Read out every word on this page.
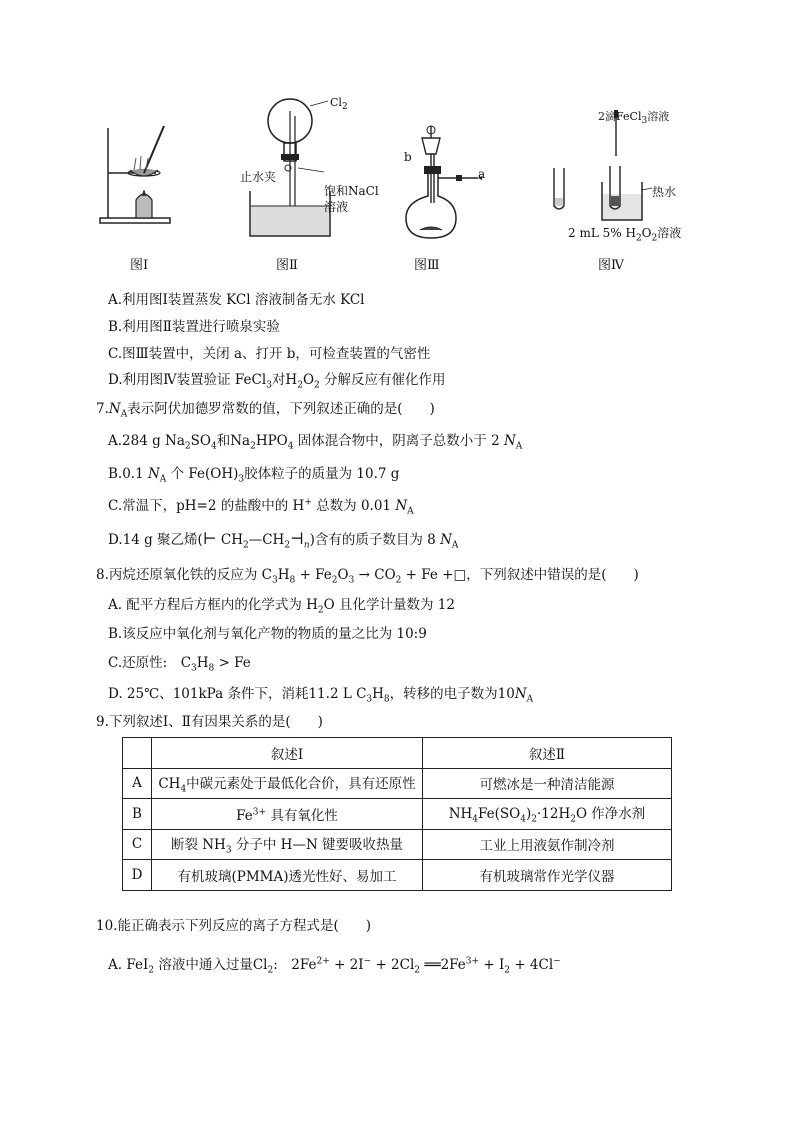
图Ⅰ
$Cl_2$
止水夹
饱和NaCl
溶液
图Ⅱ
b
a
图Ⅲ
2滴FeCl$_3$溶液
热水
2 mL 5% $H_2O_2$溶液
图Ⅳ
A.利用图Ⅰ装置蒸发 KCl 溶液制备无水 KCl
B.利用图Ⅱ装置进行喷泉实验
C.图Ⅲ装置中，关闭 a、打开 b，可检查装置的气密性
D.利用图Ⅳ装置验证 FeCl$_3$对$H_2O_2$ 分解反应有催化作用
$7.N_A$表示阿伏加德罗常数的值，下列叙述正确的是(　　)
A.284 g $Na_2SO_4$和$Na_2HPO_4$ 固体混合物中，阴离子总数小于 2 $N_A$
B.0.1 $N_A$ 个 $Fe(OH)_3$胶体粒子的质量为 10.7 g
C.常温下，pH=2 的盐酸中的 H+ 总数为 0.01 $N_A$
D.14 g 聚乙烯(⊢ $CH_2—CH_2⊣_n$)含有的质子数目为 8 $N_A$
8.丙烷还原氧化铁的反应为 $C_3H_8 + Fe_2O_3 \to CO_2 + Fe$ +□，下列叙述中错误的是(　　)
A. 配平方程后方框内的化学式为 $H_2O$ 且化学计量数为 12
B.该反应中氧化剂与氧化产物的物质的量之比为 10:9
C.还原性:　$C_3H_8 > Fe$
D. 25℃、101kPa 条件下，消耗11.2 L $C_3H_8$，转移的电子数为$10N_A$
9.下列叙述Ⅰ、Ⅱ有因果关系的是(　　)
	叙述Ⅰ	叙述Ⅱ
A	$CH_4$中碳元素处于最低化合价，具有还原性	可燃冰是一种清洁能源
B	$Fe^{3+}$ 具有氧化性	$NH_4Fe(SO_4)_2\cdot 12H_2O$ 作净水剂
C	断裂 $NH_3$ 分子中 H—N 键要吸收热量	工业上用液氨作制冷剂
D	有机玻璃(PMMA)透光性好、易加工	有机玻璃常作光学仪器
10.能正确表示下列反应的离子方程式是(　　)
A. FeI$_2$ 溶液中通入过量$Cl_2$:　$2Fe^{2+} + 2I^- + 2Cl_2$ $══2Fe^{3+} + I_2 + 4Cl^-$
